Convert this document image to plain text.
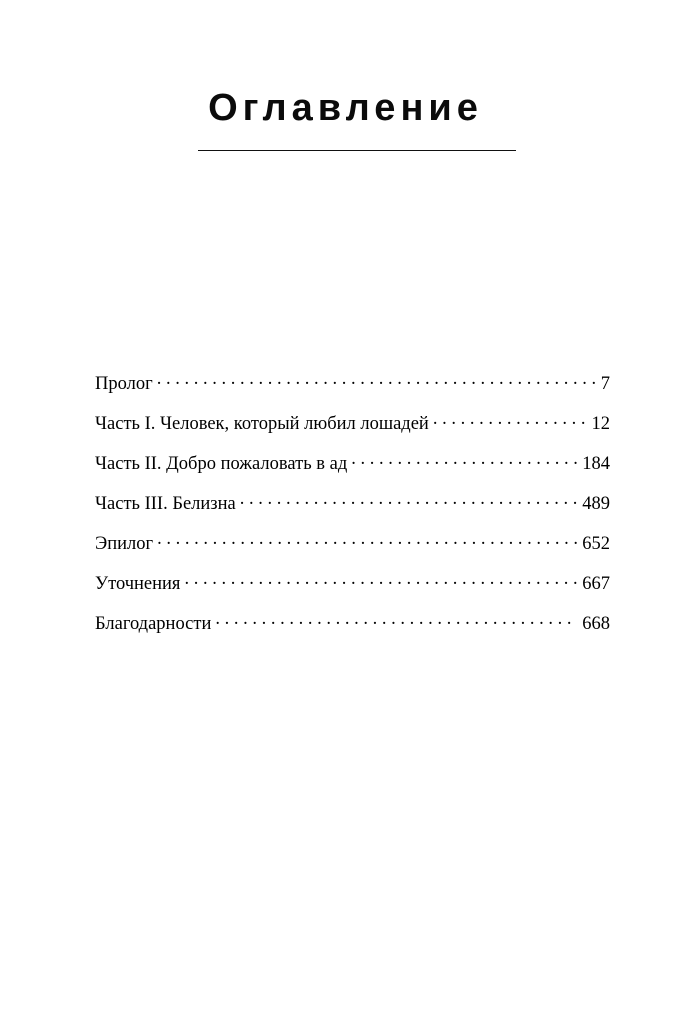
Оглавление
Пролог . . .	7
Часть I. Человек, который любил лошадей . . .	12
Часть II. Добро пожаловать в ад . . .	184
Часть III. Белизна . . .	489
Эпилог . . .	652
Уточнения . . .	667
Благодарности . . .	668
